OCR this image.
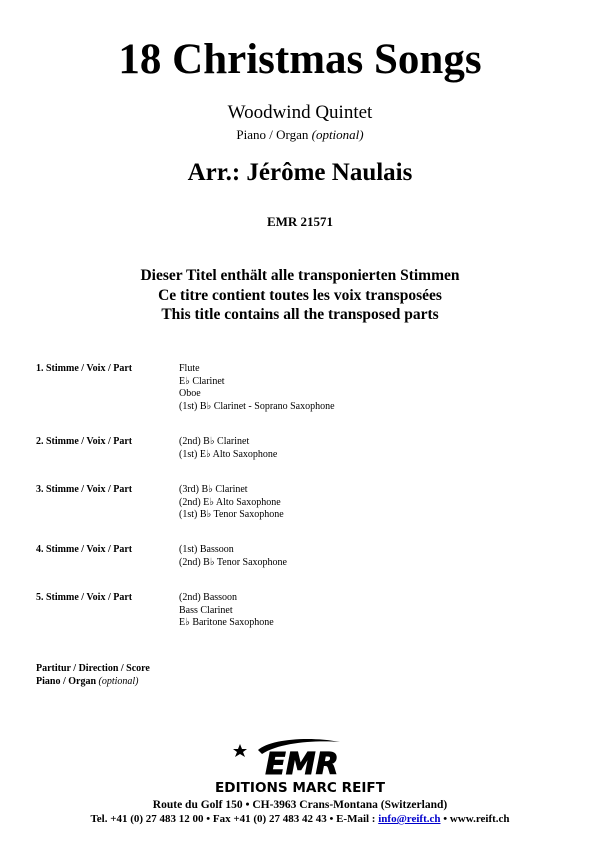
18 Christmas Songs
Woodwind Quintet
Piano / Organ (optional)
Arr.: Jérôme Naulais
EMR 21571
Dieser Titel enthält alle transponierten Stimmen
Ce titre contient toutes les voix transposées
This title contains all the transposed parts
1. Stimme / Voix / Part	Flute
E♭ Clarinet
Oboe
(1st) B♭ Clarinet - Soprano Saxophone
2. Stimme / Voix / Part	(2nd) B♭ Clarinet
(1st) E♭ Alto Saxophone
3. Stimme / Voix / Part	(3rd) B♭ Clarinet
(2nd) E♭ Alto Saxophone
(1st) B♭ Tenor Saxophone
4. Stimme / Voix / Part	(1st) Bassoon
(2nd) B♭ Tenor Saxophone
5. Stimme / Voix / Part	(2nd) Bassoon
Bass Clarinet
E♭ Baritone Saxophone
Partitur / Direction / Score
Piano / Organ (optional)
EMR
EDITIONS MARC REIFT
Route du Golf 150 • CH-3963 Crans-Montana (Switzerland)
Tel. +41 (0) 27 483 12 00 • Fax +41 (0) 27 483 42 43 • E-Mail : info@reift.ch • www.reift.ch
